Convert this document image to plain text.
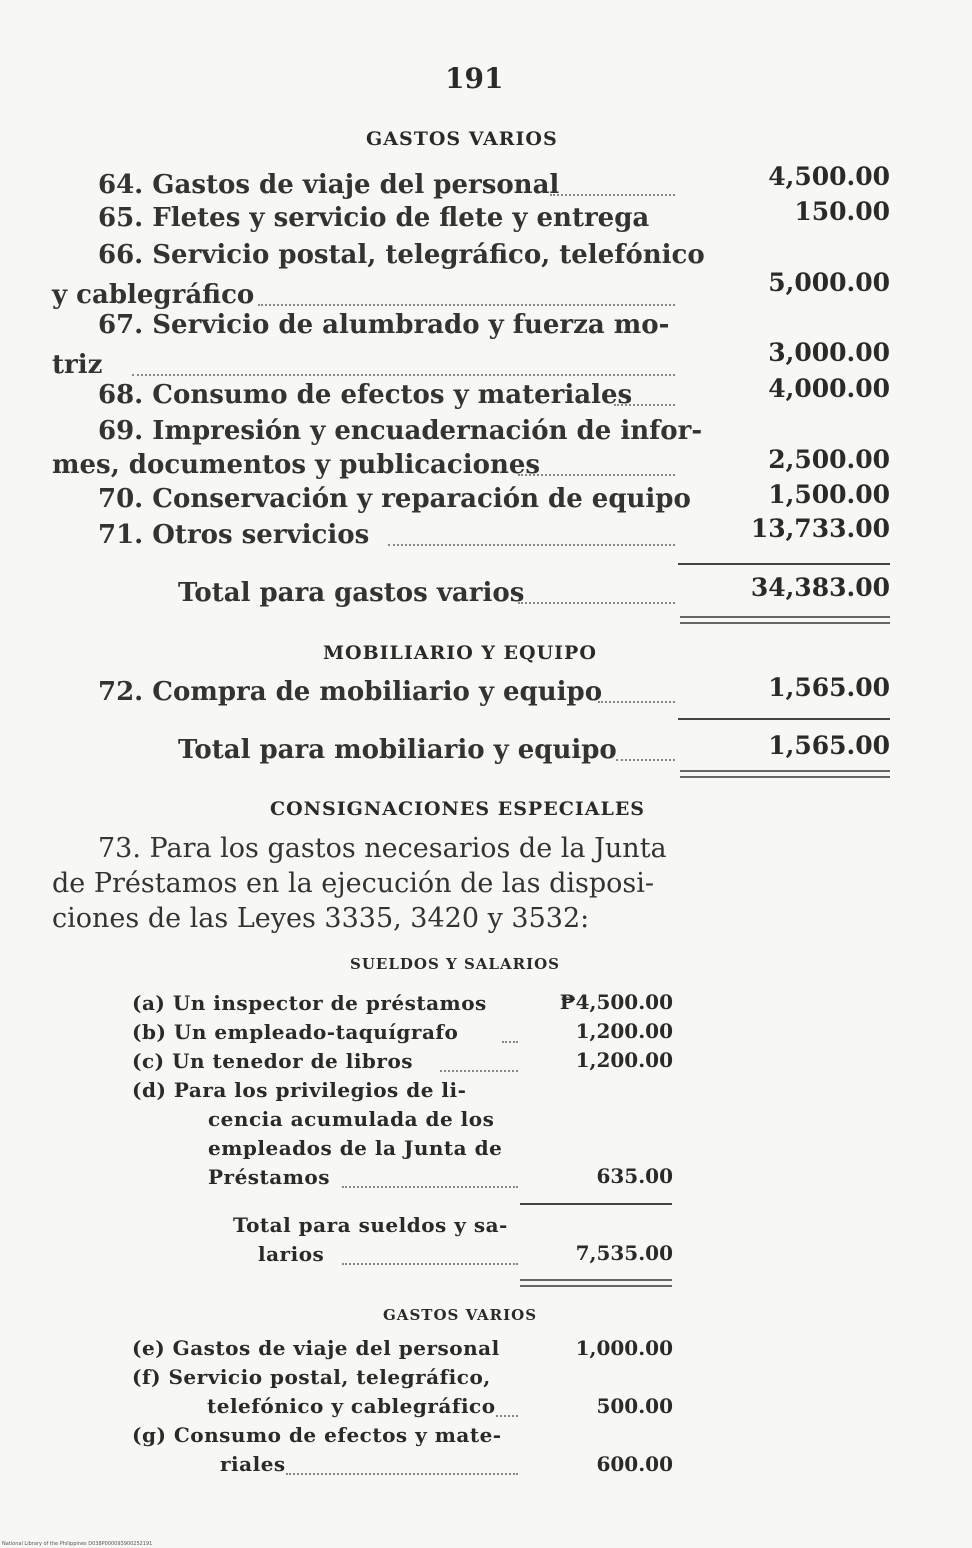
191
GASTOS VARIOS
64. Gastos de viaje del personal	4,500.00
65. Fletes y servicio de flete y entrega	150.00
66. Servicio postal, telegráfico, telefónico
y cablegráfico	5,000.00
67. Servicio de alumbrado y fuerza mo-
triz	3,000.00
68. Consumo de efectos y materiales	4,000.00
69. Impresión y encuadernación de infor-
mes, documentos y publicaciones	2,500.00
70. Conservación y reparación de equipo	1,500.00
71. Otros servicios	13,733.00
Total para gastos varios	34,383.00
MOBILIARIO Y EQUIPO
72. Compra de mobiliario y equipo	1,565.00
Total para mobiliario y equipo	1,565.00
CONSIGNACIONES ESPECIALES
73. Para los gastos necesarios de la Junta
de Préstamos en la ejecución de las disposi-
ciones de las Leyes 3335, 3420 y 3532:
SUELDOS Y SALARIOS
(a) Un inspector de préstamos	₱4,500.00
(b) Un empleado-taquígrafo	1,200.00
(c) Un tenedor de libros	1,200.00
(d) Para los privilegios de li-
cencia acumulada de los
empleados de la Junta de
Préstamos	635.00
Total para sueldos y sa-
larios	7,535.00
GASTOS VARIOS
(e) Gastos de viaje del personal	1,000.00
(f) Servicio postal, telegráfico,
telefónico y cablegráfico	500.00
(g) Consumo de efectos y mate-
riales	600.00
National Library of the Philippines D038P000093900252191
